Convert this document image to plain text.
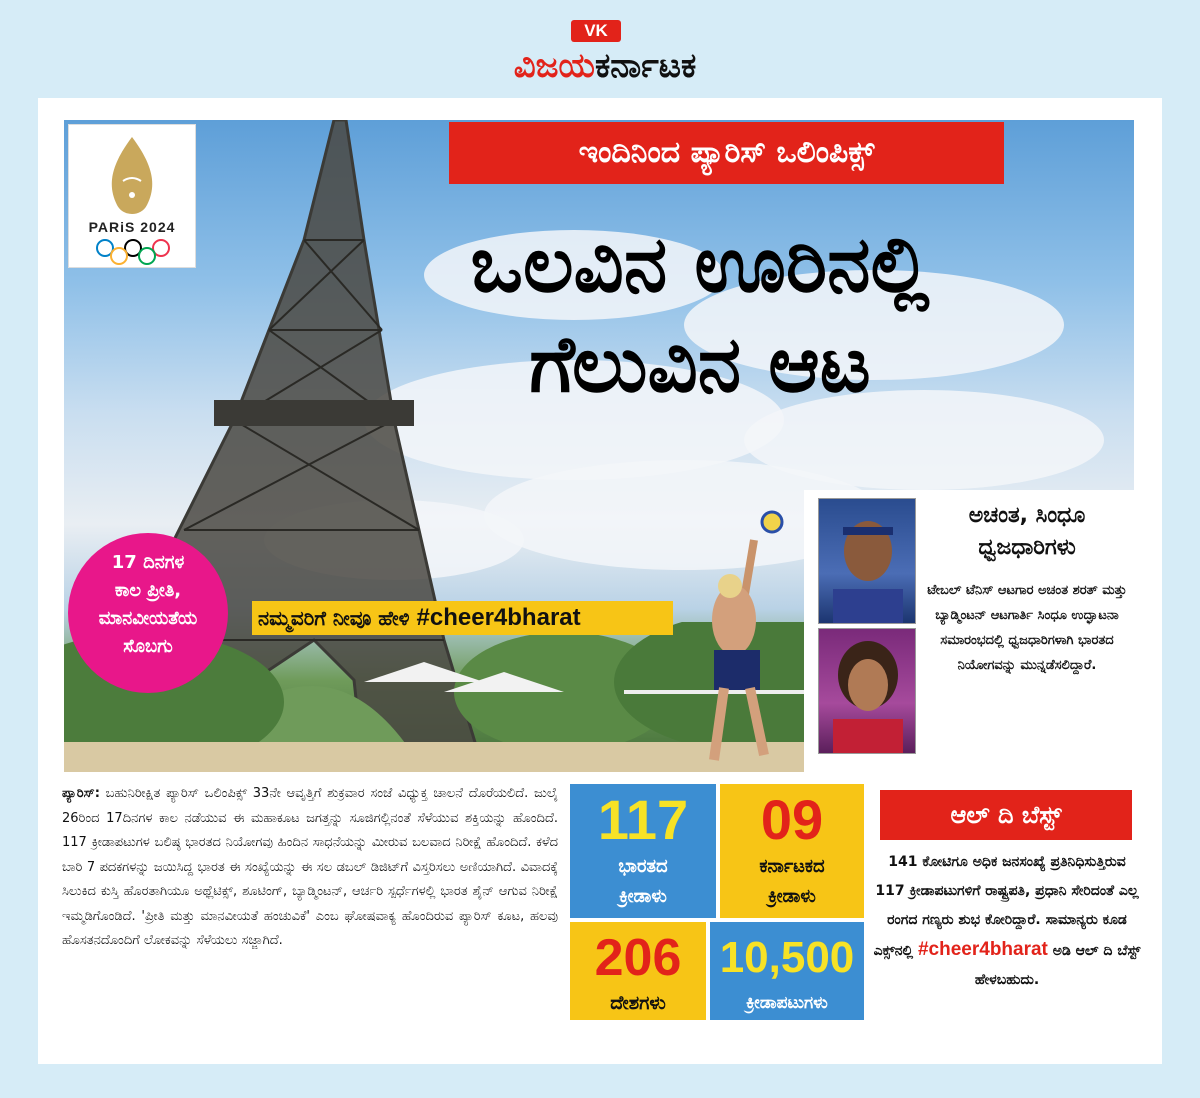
VK
ವಿಜಯಕರ್ನಾಟಕ
PARiS 2024
ಇಂದಿನಿಂದ ಪ್ಯಾರಿಸ್ ಒಲಿಂಪಿಕ್ಸ್
ಒಲವಿನ ಊರಿನಲ್ಲಿ
ಗೆಲುವಿನ ಆಟ
17 ದಿನಗಳ
ಕಾಲ ಪ್ರೀತಿ,
ಮಾನವೀಯತೆಯ
ಸೊಬಗು
ನಮ್ಮವರಿಗೆ ನೀವೂ ಹೇಳಿ #cheer4bharat
ಅಚಂತ, ಸಿಂಧೂ ಧ್ವಜಧಾರಿಗಳು
ಟೇಬಲ್ ಟೆನಿಸ್ ಆಟಗಾರ ಅಚಂತ ಶರತ್ ಮತ್ತು ಬ್ಯಾಡ್ಮಿಂಟನ್ ಆಟಗಾರ್ತಿ ಸಿಂಧೂ ಉದ್ಘಾಟನಾ ಸಮಾರಂಭದಲ್ಲಿ ಧ್ವಜಧಾರಿಗಳಾಗಿ ಭಾರತದ ನಿಯೋಗವನ್ನು ಮುನ್ನಡೆಸಲಿದ್ದಾರೆ.
ಪ್ಯಾರಿಸ್: ಬಹುನಿರೀಕ್ಷಿತ ಪ್ಯಾರಿಸ್ ಒಲಿಂಪಿಕ್ಸ್ 33ನೇ ಆವೃತ್ತಿಗೆ ಶುಕ್ರವಾರ ಸಂಜೆ ವಿಧ್ಯುಕ್ತ ಚಾಲನೆ ದೊರೆಯಲಿದೆ. ಜುಲೈ 26ರಿಂದ 17ದಿನಗಳ ಕಾಲ ನಡೆಯುವ ಈ ಮಹಾಕೂಟ ಜಗತ್ತನ್ನು ಸೂಜಿಗಲ್ಲಿನಂತೆ ಸೆಳೆಯುವ ಶಕ್ತಿಯನ್ನು ಹೊಂದಿದೆ. 117 ಕ್ರೀಡಾಪಟುಗಳ ಬಲಿಷ್ಠ ಭಾರತದ ನಿಯೋಗವು ಹಿಂದಿನ ಸಾಧನೆಯನ್ನು ಮೀರುವ ಬಲವಾದ ನಿರೀಕ್ಷೆ ಹೊಂದಿದೆ. ಕಳೆದ ಬಾರಿ 7 ಪದಕಗಳನ್ನು ಜಯಿಸಿದ್ದ ಭಾರತ ಈ ಸಂಖ್ಯೆಯನ್ನು ಈ ಸಲ ಡಬಲ್ ಡಿಜಿಟ್‌ಗೆ ವಿಸ್ತರಿಸಲು ಅಣಿಯಾಗಿದೆ. ವಿವಾದಕ್ಕೆ ಸಿಲುಕಿದ ಕುಸ್ತಿ ಹೊರತಾಗಿಯೂ ಅಥ್ಲೆಟಿಕ್ಸ್, ಶೂಟಿಂಗ್, ಬ್ಯಾಡ್ಮಿಂಟನ್, ಆರ್ಚರಿ ಸ್ಪರ್ಧೆಗಳಲ್ಲಿ ಭಾರತ ಶೈನ್ ಆಗುವ ನಿರೀಕ್ಷೆ ಇಮ್ಮಡಿಗೊಂಡಿದೆ. 'ಪ್ರೀತಿ ಮತ್ತು ಮಾನವೀಯತೆ ಹಂಚುವಿಕೆ' ಎಂಬ ಘೋಷವಾಕ್ಯ ಹೊಂದಿರುವ ಪ್ಯಾರಿಸ್ ಕೂಟ, ಹಲವು ಹೊಸತನದೊಂದಿಗೆ ಲೋಕವನ್ನು ಸೆಳೆಯಲು ಸಜ್ಜಾಗಿದೆ.
117
ಭಾರತದ
ಕ್ರೀಡಾಳು
09
ಕರ್ನಾಟಕದ
ಕ್ರೀಡಾಳು
206
ದೇಶಗಳು
10,500
ಕ್ರೀಡಾಪಟುಗಳು
ಆಲ್ ದಿ ಬೆಸ್ಟ್
141 ಕೋಟಿಗೂ ಅಧಿಕ ಜನಸಂಖ್ಯೆ ಪ್ರತಿನಿಧಿಸುತ್ತಿರುವ 117 ಕ್ರೀಡಾಪಟುಗಳಿಗೆ ರಾಷ್ಟ್ರಪತಿ, ಪ್ರಧಾನಿ ಸೇರಿದಂತೆ ಎಲ್ಲ ರಂಗದ ಗಣ್ಯರು ಶುಭ ಕೋರಿದ್ದಾರೆ. ಸಾಮಾನ್ಯರು ಕೂಡ ಎಕ್ಸ್‌ನಲ್ಲಿ #cheer4bharat ಅಡಿ ಆಲ್ ದಿ ಬೆಸ್ಟ್ ಹೇಳಬಹುದು.
